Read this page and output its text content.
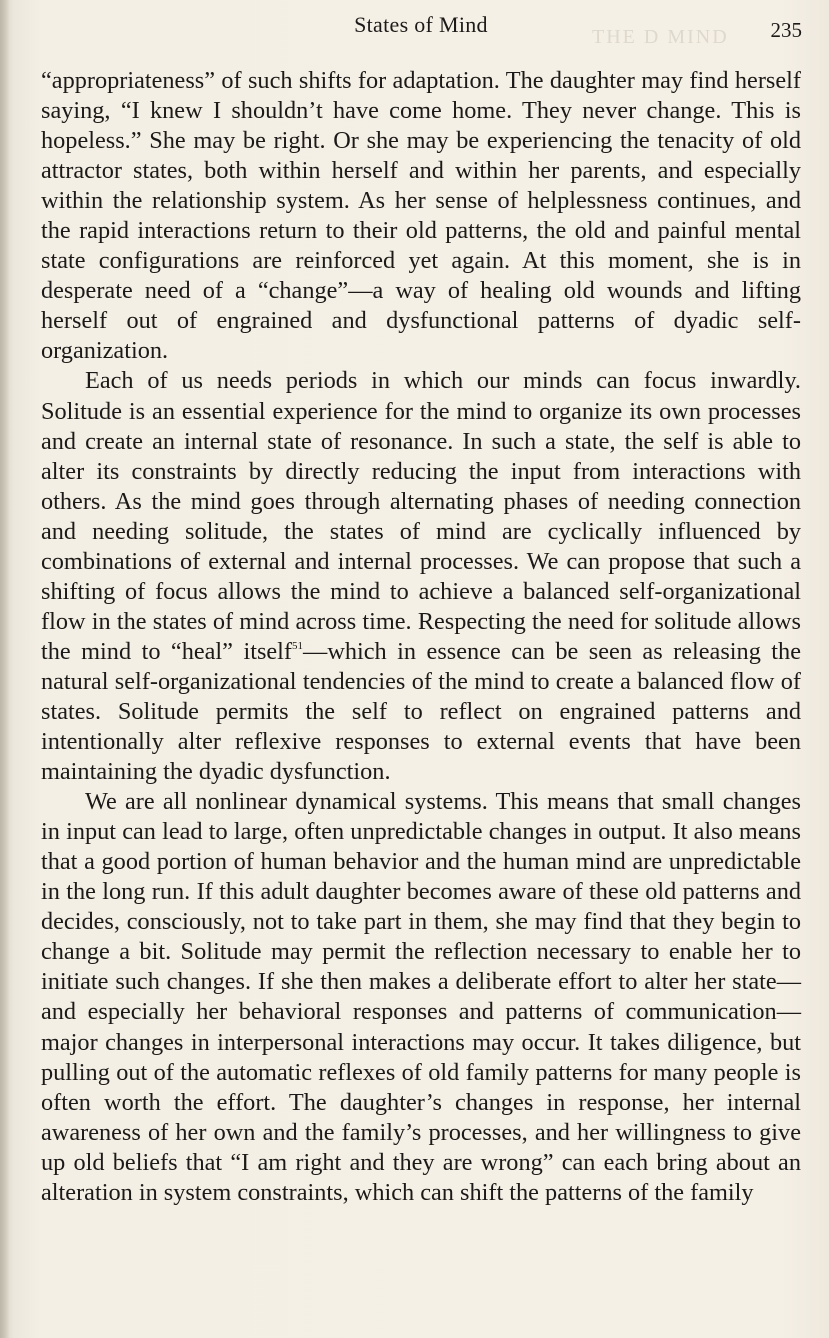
THE D MIND
States of Mind	235

“appropriateness” of such shifts for adaptation. The daughter may find herself saying, “I knew I shouldn’t have come home. They never change. This is hopeless.” She may be right. Or she may be experiencing the tenacity of old attractor states, both within herself and within her parents, and especially within the relationship system. As her sense of helplessness continues, and the rapid interactions return to their old patterns, the old and painful mental state configurations are reinforced yet again. At this moment, she is in desperate need of a “change”—a way of healing old wounds and lifting herself out of engrained and dysfunctional patterns of dyadic self-organization.

Each of us needs periods in which our minds can focus inwardly. Solitude is an essential experience for the mind to organize its own processes and create an internal state of resonance. In such a state, the self is able to alter its constraints by directly reducing the input from interactions with others. As the mind goes through alternating phases of needing connection and needing solitude, the states of mind are cyclically influenced by combinations of external and internal processes. We can propose that such a shifting of focus allows the mind to achieve a balanced self-organizational flow in the states of mind across time. Respecting the need for solitude allows the mind to “heal” itself$^{51}$—which in essence can be seen as releasing the natural self-organizational tendencies of the mind to create a balanced flow of states. Solitude permits the self to reflect on engrained patterns and intentionally alter reflexive responses to external events that have been maintaining the dyadic dysfunction.

We are all nonlinear dynamical systems. This means that small changes in input can lead to large, often unpredictable changes in output. It also means that a good portion of human behavior and the human mind are unpredictable in the long run. If this adult daughter becomes aware of these old patterns and decides, consciously, not to take part in them, she may find that they begin to change a bit. Solitude may permit the reflection necessary to enable her to initiate such changes. If she then makes a deliberate effort to alter her state—and especially her behavioral responses and patterns of communication—major changes in interpersonal interactions may occur. It takes diligence, but pulling out of the automatic reflexes of old family patterns for many people is often worth the effort. The daughter’s changes in response, her internal awareness of her own and the family’s processes, and her willingness to give up old beliefs that “I am right and they are wrong” can each bring about an alteration in system constraints, which can shift the patterns of the family
